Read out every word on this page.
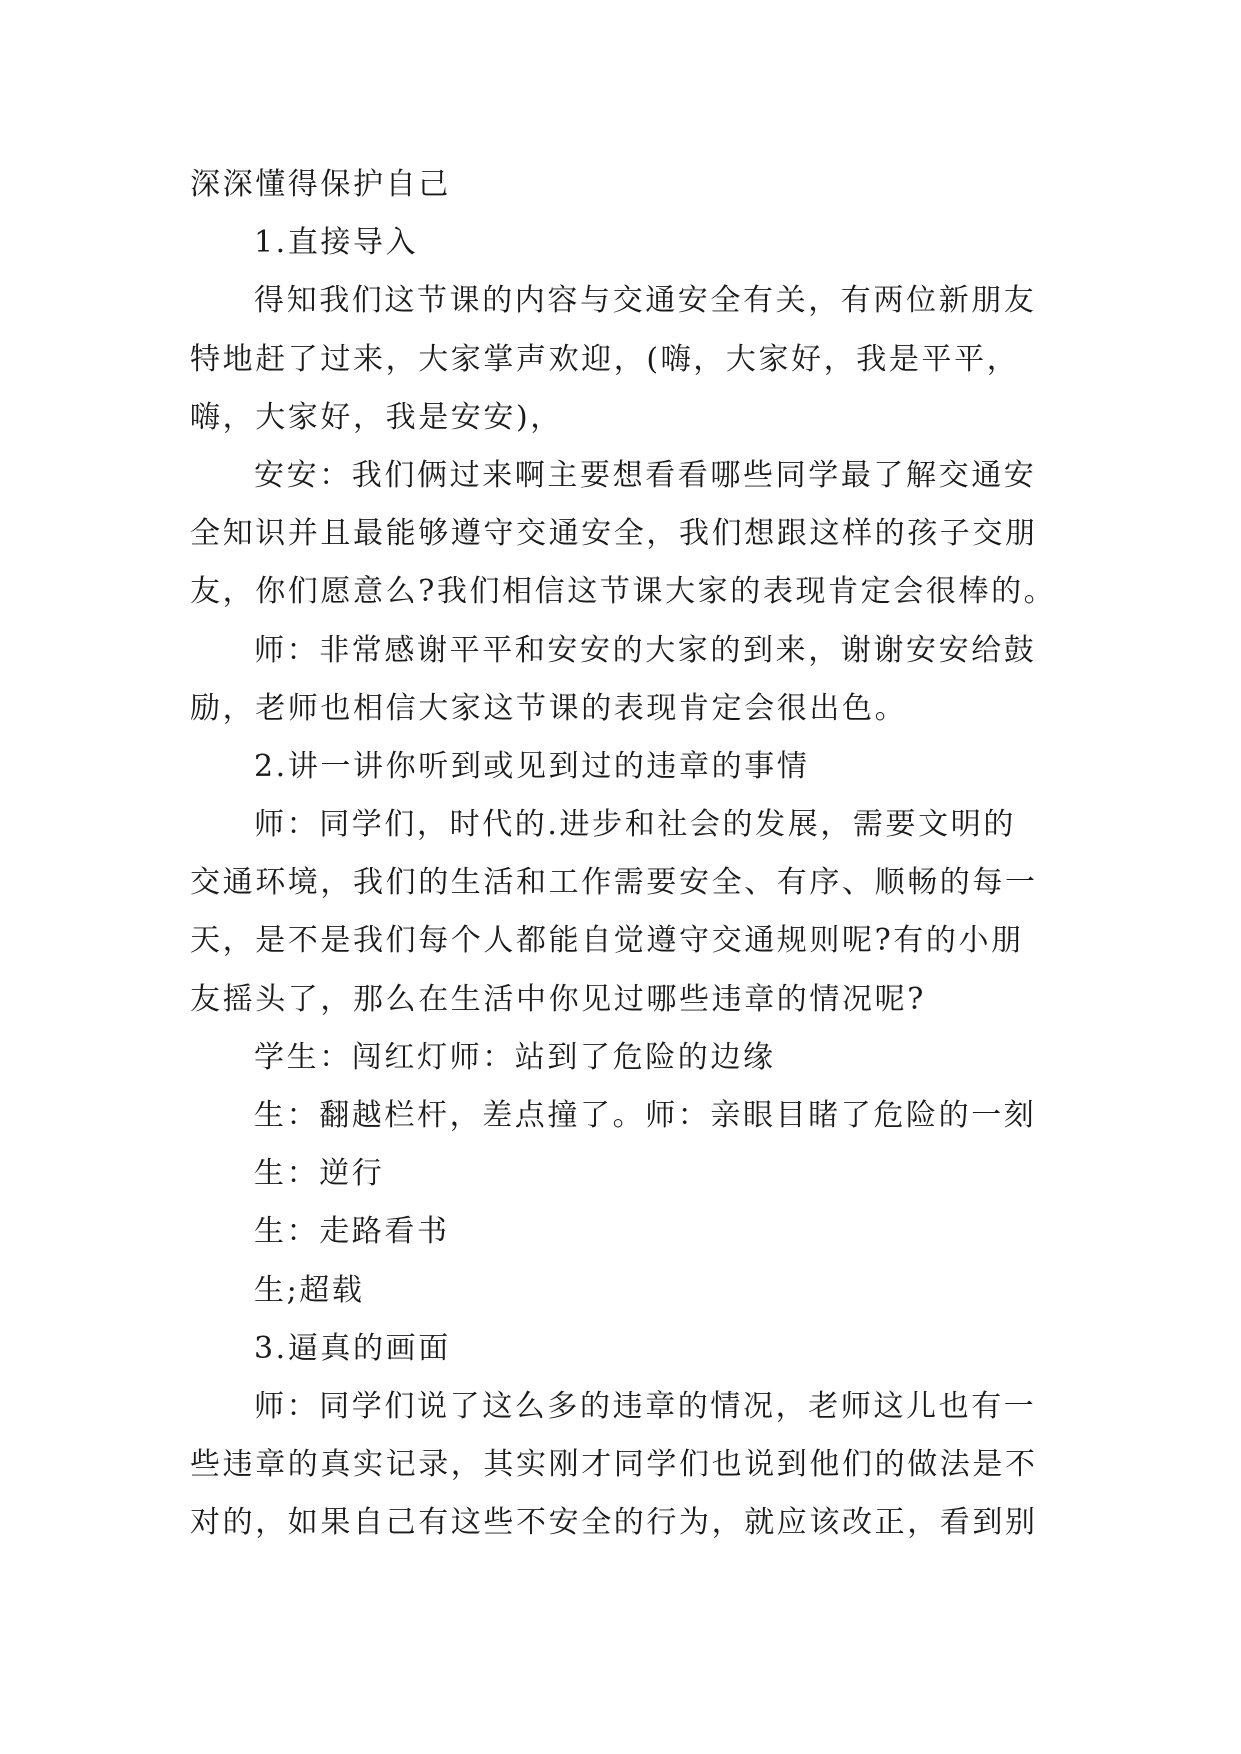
深深懂得保护自己
1.直接导入
得知我们这节课的内容与交通安全有关，有两位新朋友
特地赶了过来，大家掌声欢迎，(嗨，大家好，我是平平，
嗨，大家好，我是安安)，
安安：我们俩过来啊主要想看看哪些同学最了解交通安
全知识并且最能够遵守交通安全，我们想跟这样的孩子交朋
友，你们愿意么?我们相信这节课大家的表现肯定会很棒的。
师：非常感谢平平和安安的大家的到来，谢谢安安给鼓
励，老师也相信大家这节课的表现肯定会很出色。
2.讲一讲你听到或见到过的违章的事情
师：同学们，时代的.进步和社会的发展，需要文明的
交通环境，我们的生活和工作需要安全、有序、顺畅的每一
天，是不是我们每个人都能自觉遵守交通规则呢?有的小朋
友摇头了，那么在生活中你见过哪些违章的情况呢?
学生：闯红灯师：站到了危险的边缘
生：翻越栏杆，差点撞了。师：亲眼目睹了危险的一刻
生：逆行
生：走路看书
生;超载
3.逼真的画面
师：同学们说了这么多的违章的情况，老师这儿也有一
些违章的真实记录，其实刚才同学们也说到他们的做法是不
对的，如果自己有这些不安全的行为，就应该改正，看到别
